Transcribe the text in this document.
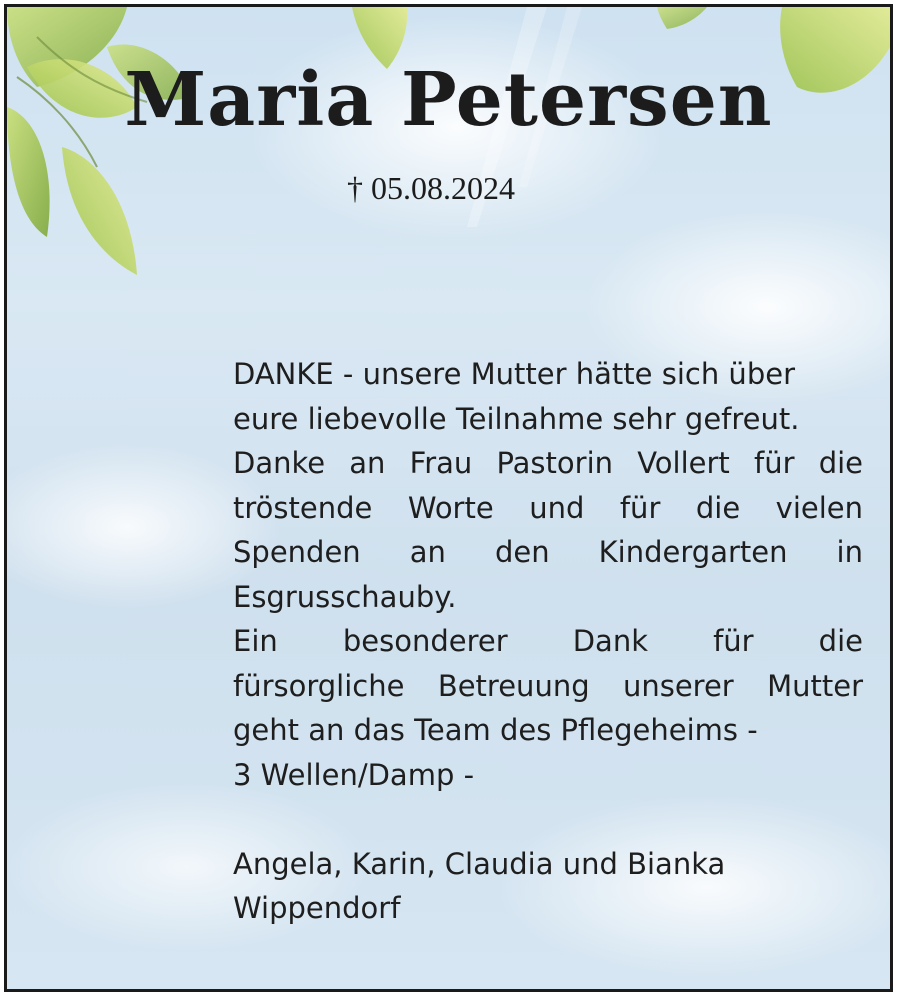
Maria Petersen
† 05.08.2024
DANKE - unsere Mutter hätte sich über
eure liebevolle Teilnahme sehr gefreut.
Danke an Frau Pastorin Vollert für die
tröstende Worte und für die vielen
Spenden an den Kindergarten in
Esgrusschauby.
Ein besonderer Dank für die
fürsorgliche Betreuung unserer Mutter
geht an das Team des Pflegeheims -
3 Wellen/Damp -
Angela, Karin, Claudia und Bianka
Wippendorf
